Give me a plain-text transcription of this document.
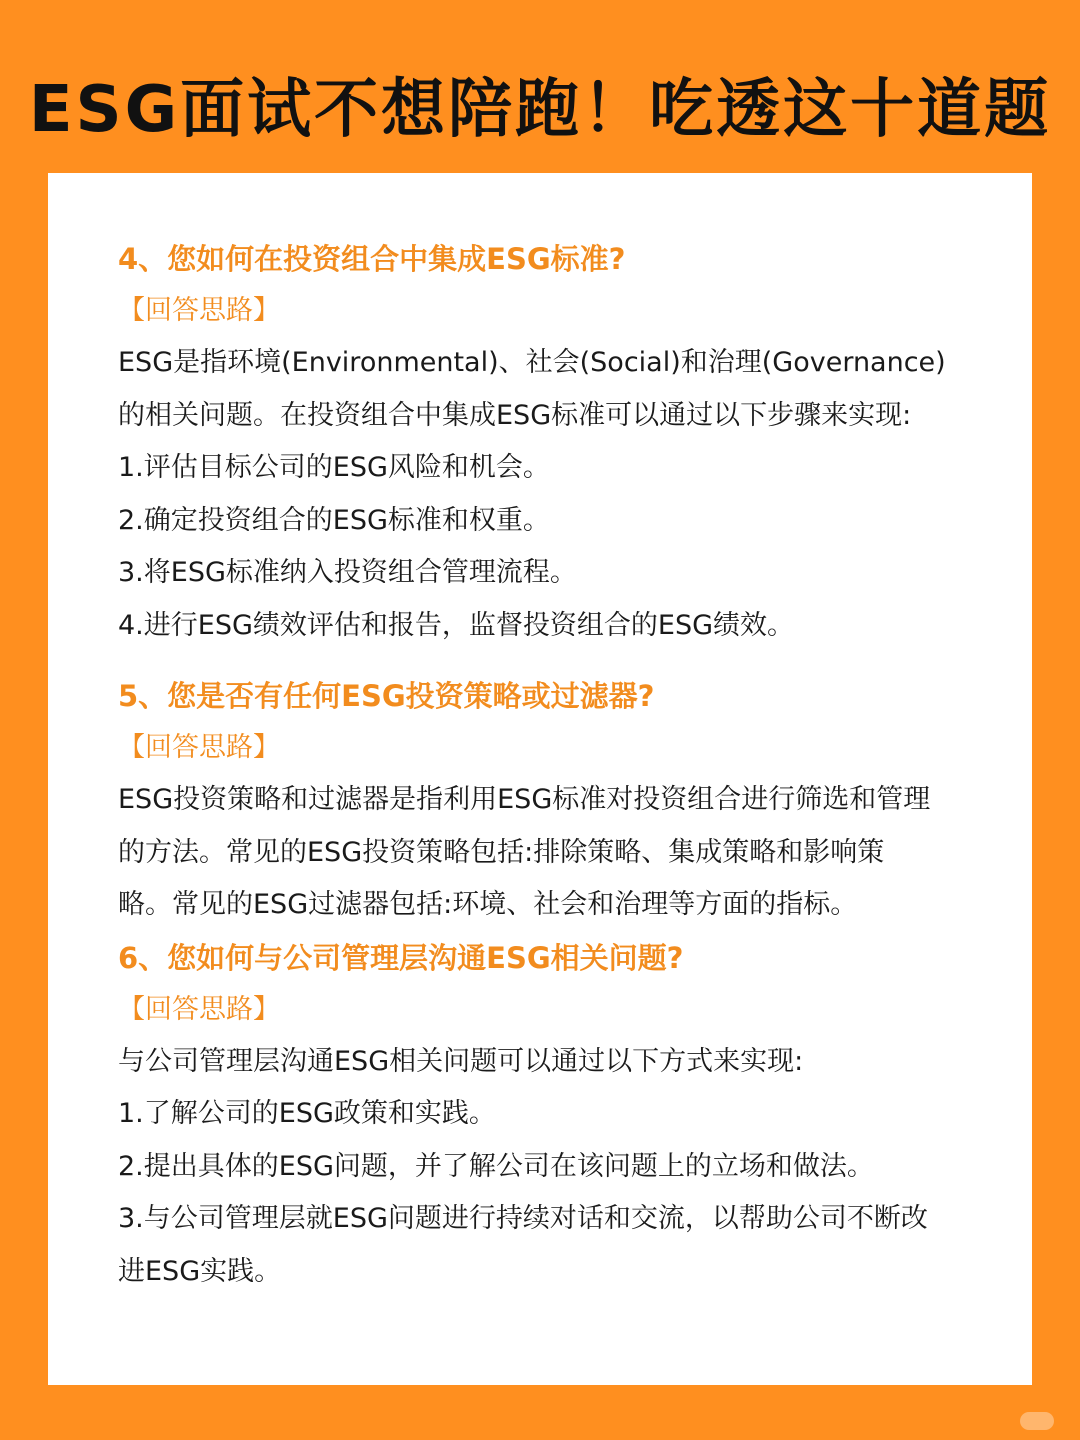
ESG面试不想陪跑！吃透这十道题
4、您如何在投资组合中集成ESG标准?
【回答思路】
ESG是指环境(Environmental)、社会(Social)和治理(Governance)
的相关问题。在投资组合中集成ESG标准可以通过以下步骤来实现:
1.评估目标公司的ESG风险和机会。
2.确定投资组合的ESG标准和权重。
3.将ESG标准纳入投资组合管理流程。
4.进行ESG绩效评估和报告，监督投资组合的ESG绩效。
5、您是否有任何ESG投资策略或过滤器?
【回答思路】
ESG投资策略和过滤器是指利用ESG标准对投资组合进行筛选和管理
的方法。常见的ESG投资策略包括:排除策略、集成策略和影响策
略。常见的ESG过滤器包括:环境、社会和治理等方面的指标。
6、您如何与公司管理层沟通ESG相关问题?
【回答思路】
与公司管理层沟通ESG相关问题可以通过以下方式来实现:
1.了解公司的ESG政策和实践。
2.提出具体的ESG问题，并了解公司在该问题上的立场和做法。
3.与公司管理层就ESG问题进行持续对话和交流，以帮助公司不断改
进ESG实践。
